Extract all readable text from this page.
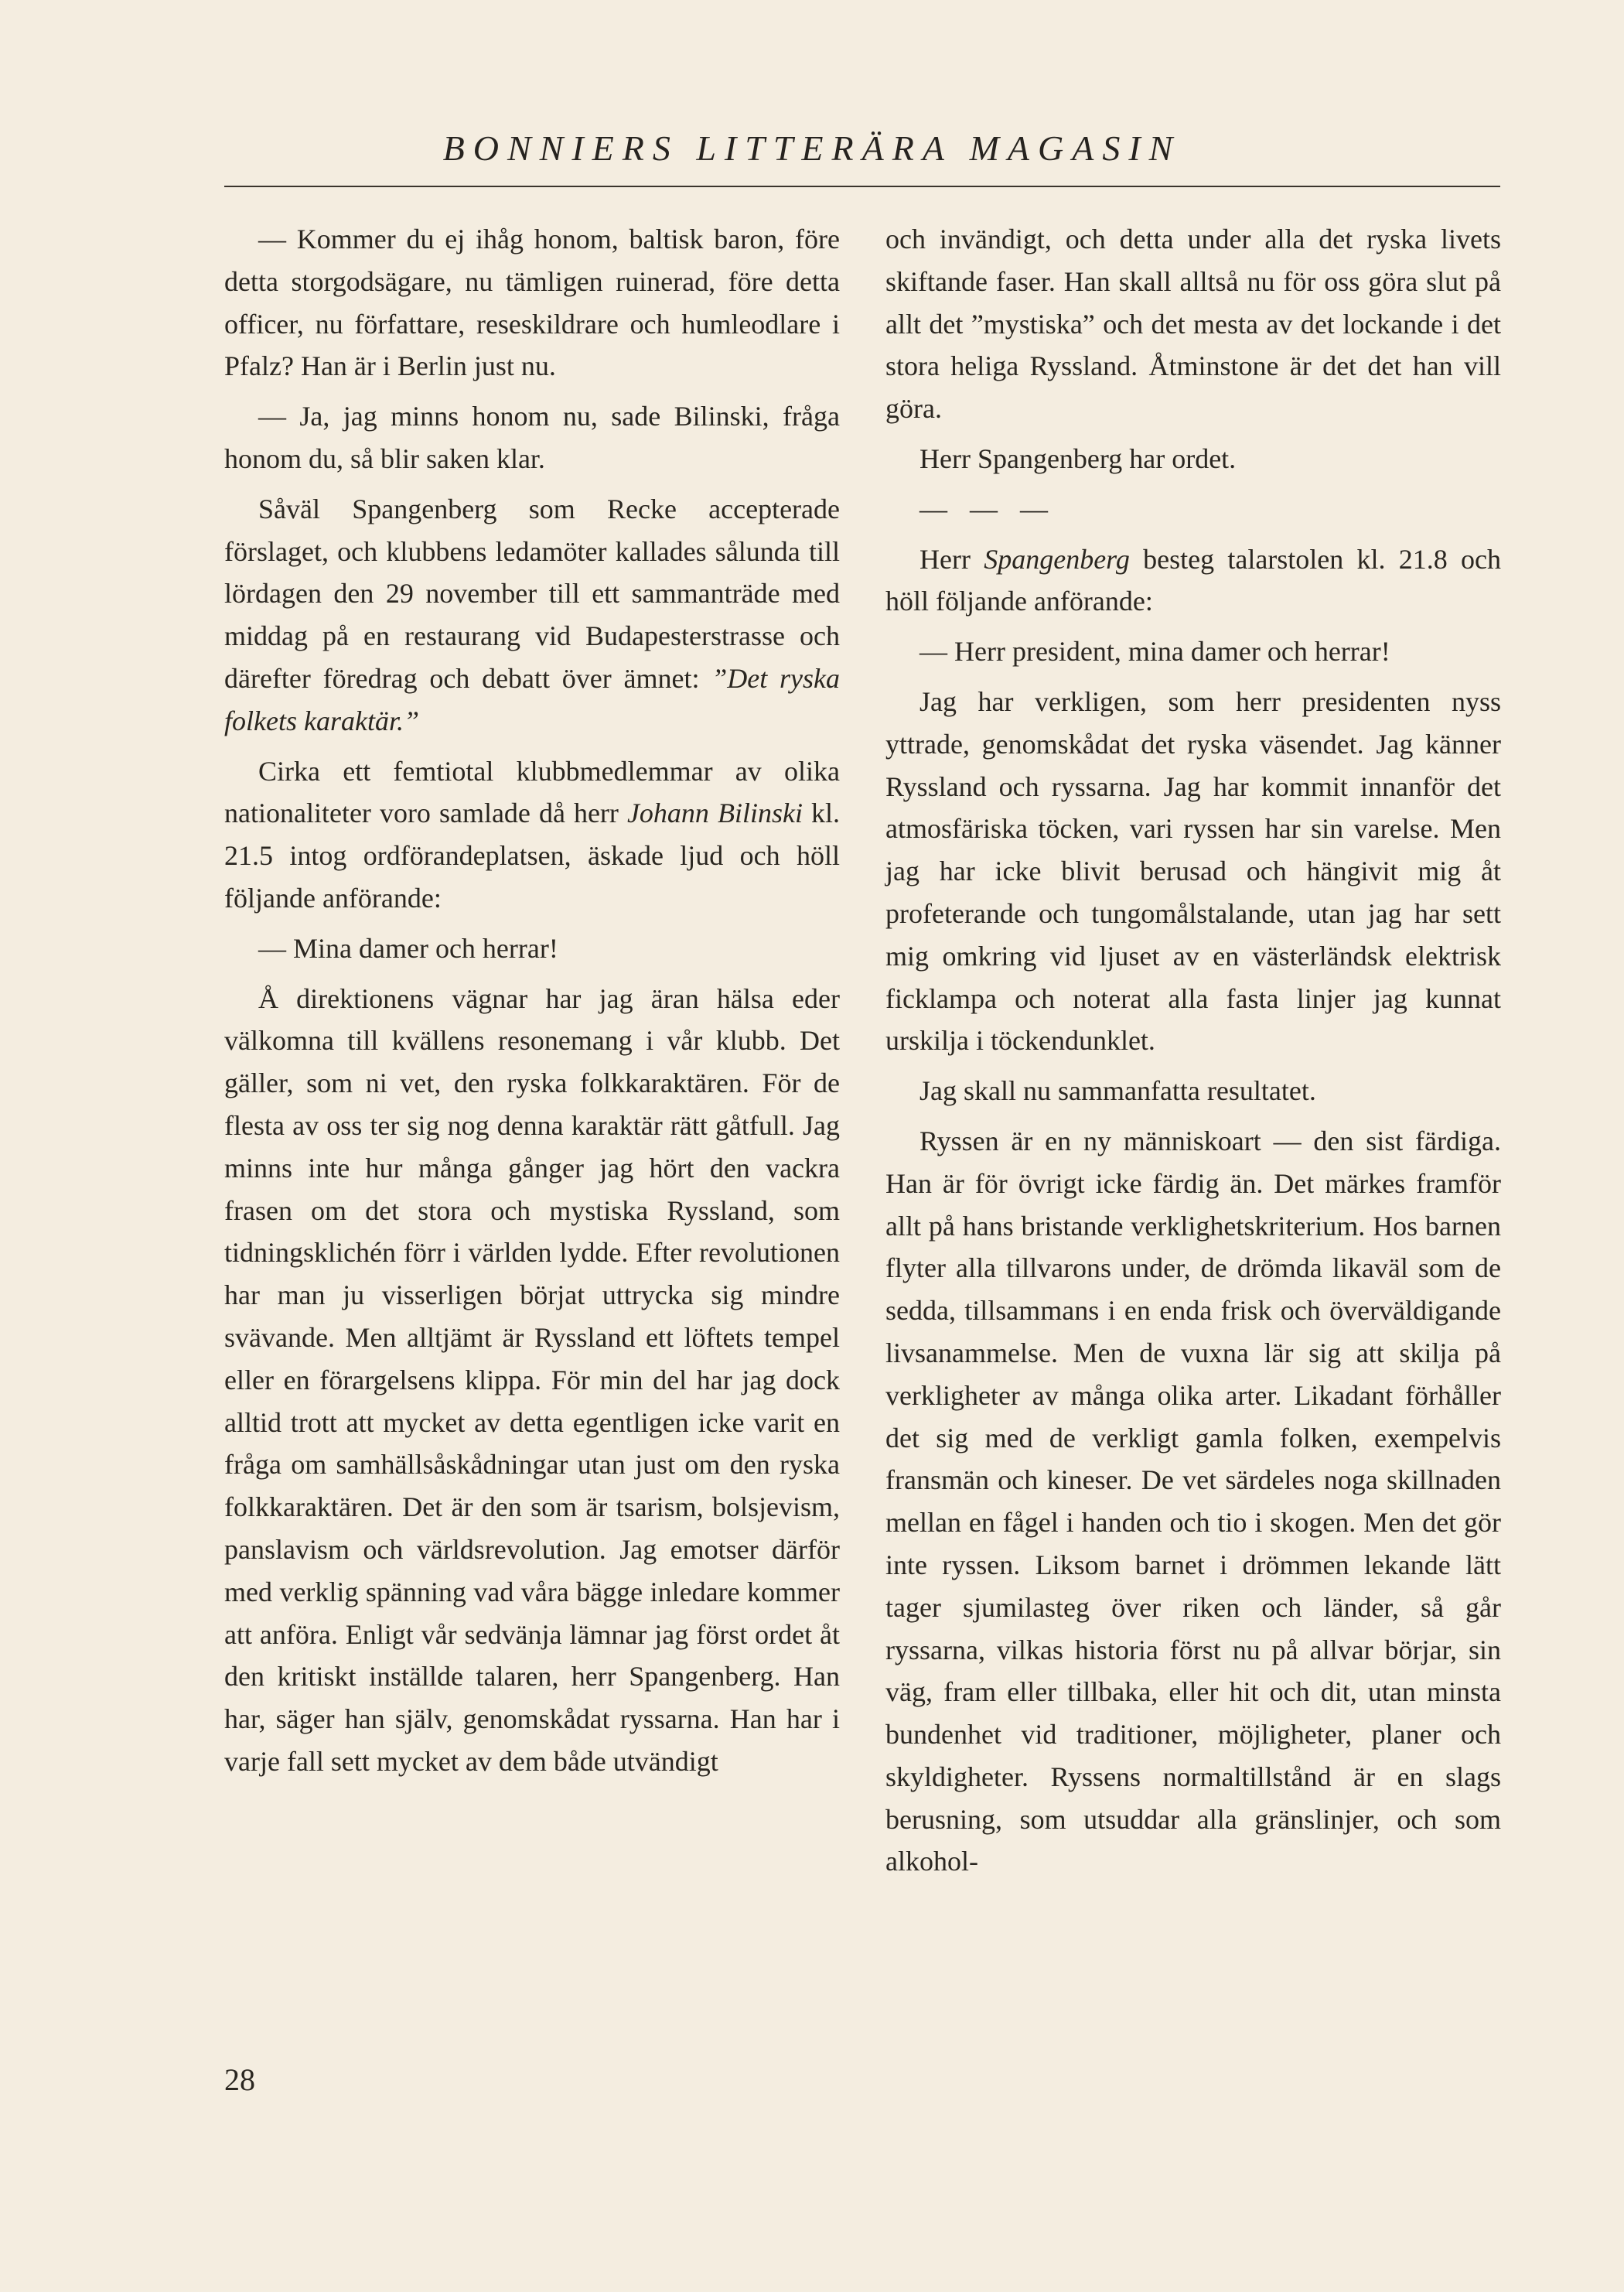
BONNIERS LITTERÄRA MAGASIN

— Kommer du ej ihåg honom, baltisk baron, före detta storgodsägare, nu tämligen ruinerad, före detta officer, nu författare, reseskildrare och humleodlare i Pfalz? Han är i Berlin just nu.

— Ja, jag minns honom nu, sade Bilinski, fråga honom du, så blir saken klar.

Såväl Spangenberg som Recke accepterade förslaget, och klubbens ledamöter kallades sålunda till lördagen den 29 november till ett sammanträde med middag på en restaurang vid Budapesterstrasse och därefter föredrag och debatt över ämnet: ”Det ryska folkets karaktär.”

Cirka ett femtiotal klubbmedlemmar av olika nationaliteter voro samlade då herr Johann Bilinski kl. 21.5 intog ordförandeplatsen, äskade ljud och höll följande anförande:

— Mina damer och herrar!

Å direktionens vägnar har jag äran hälsa eder välkomna till kvällens resonemang i vår klubb. Det gäller, som ni vet, den ryska folkkaraktären. För de flesta av oss ter sig nog denna karaktär rätt gåtfull. Jag minns inte hur många gånger jag hört den vackra frasen om det stora och mystiska Ryssland, som tidningsklichén förr i världen lydde. Efter revolutionen har man ju visserligen börjat uttrycka sig mindre svävande. Men alltjämt är Ryssland ett löftets tempel eller en förargelsens klippa. För min del har jag dock alltid trott att mycket av detta egentligen icke varit en fråga om samhällsåskådningar utan just om den ryska folkkaraktären. Det är den som är tsarism, bolsjevism, panslavism och världsrevolution. Jag emotser därför med verklig spänning vad våra bägge inledare kommer att anföra. Enligt vår sedvänja lämnar jag först ordet åt den kritiskt inställde talaren, herr Spangenberg. Han har, säger han själv, genomskådat ryssarna. Han har i varje fall sett mycket av dem både utvändigt

och invändigt, och detta under alla det ryska livets skiftande faser. Han skall alltså nu för oss göra slut på allt det ”mystiska” och det mesta av det lockande i det stora heliga Ryssland. Åtminstone är det det han vill göra.

Herr Spangenberg har ordet.

— — —

Herr Spangenberg besteg talarstolen kl. 21.8 och höll följande anförande:

— Herr president, mina damer och herrar!

Jag har verkligen, som herr presidenten nyss yttrade, genomskådat det ryska väsendet. Jag känner Ryssland och ryssarna. Jag har kommit innanför det atmosfäriska töcken, vari ryssen har sin varelse. Men jag har icke blivit berusad och hängivit mig åt profeterande och tungomålstalande, utan jag har sett mig omkring vid ljuset av en västerländsk elektrisk ficklampa och noterat alla fasta linjer jag kunnat urskilja i töckendunklet.

Jag skall nu sammanfatta resultatet.

Ryssen är en ny människoart — den sist färdiga. Han är för övrigt icke färdig än. Det märkes framför allt på hans bristande verklighetskriterium. Hos barnen flyter alla tillvarons under, de drömda likaväl som de sedda, tillsammans i en enda frisk och överväldigande livsanammelse. Men de vuxna lär sig att skilja på verkligheter av många olika arter. Likadant förhåller det sig med de verkligt gamla folken, exempelvis fransmän och kineser. De vet särdeles noga skillnaden mellan en fågel i handen och tio i skogen. Men det gör inte ryssen. Liksom barnet i drömmen lekande lätt tager sjumilasteg över riken och länder, så går ryssarna, vilkas historia först nu på allvar börjar, sin väg, fram eller tillbaka, eller hit och dit, utan minsta bundenhet vid traditioner, möjligheter, planer och skyldigheter. Ryssens normaltillstånd är en slags berusning, som utsuddar alla gränslinjer, och som alkohol-

28
